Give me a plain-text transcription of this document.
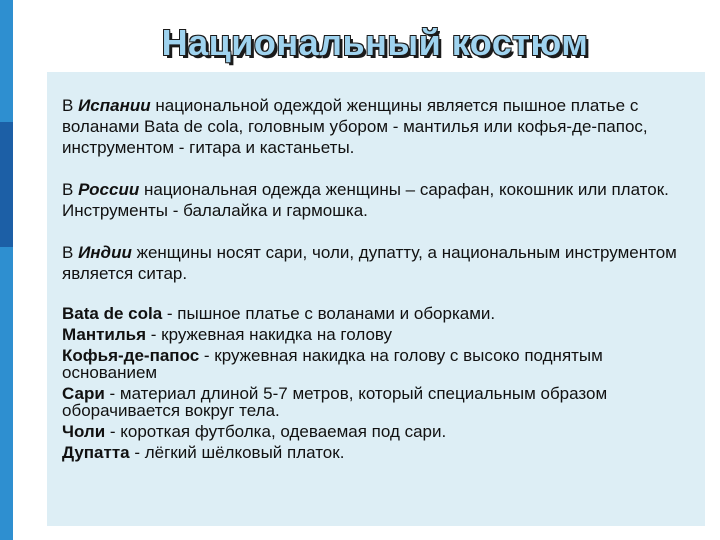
Национальный костюм

В Испании национальной одеждой женщины является пышное платье с воланами Bata de cola, головным убором - мантилья или кофья-де-папос, инструментом - гитара и кастаньеты.

В России национальная одежда женщины – сарафан, кокошник или платок. Инструменты - балалайка и гармошка.

В Индии женщины носят сари, чоли, дупатту, а национальным инструментом является ситар.

Bata de cola - пышное платье с воланами и оборками.

Мантилья - кружевная накидка на голову

Кофья-де-папос - кружевная накидка на голову с высоко поднятым основанием

Сари - материал длиной 5-7 метров, который специальным образом оборачивается вокруг тела.

Чоли - короткая футболка, одеваемая под сари.

Дупатта - лёгкий шёлковый платок.
